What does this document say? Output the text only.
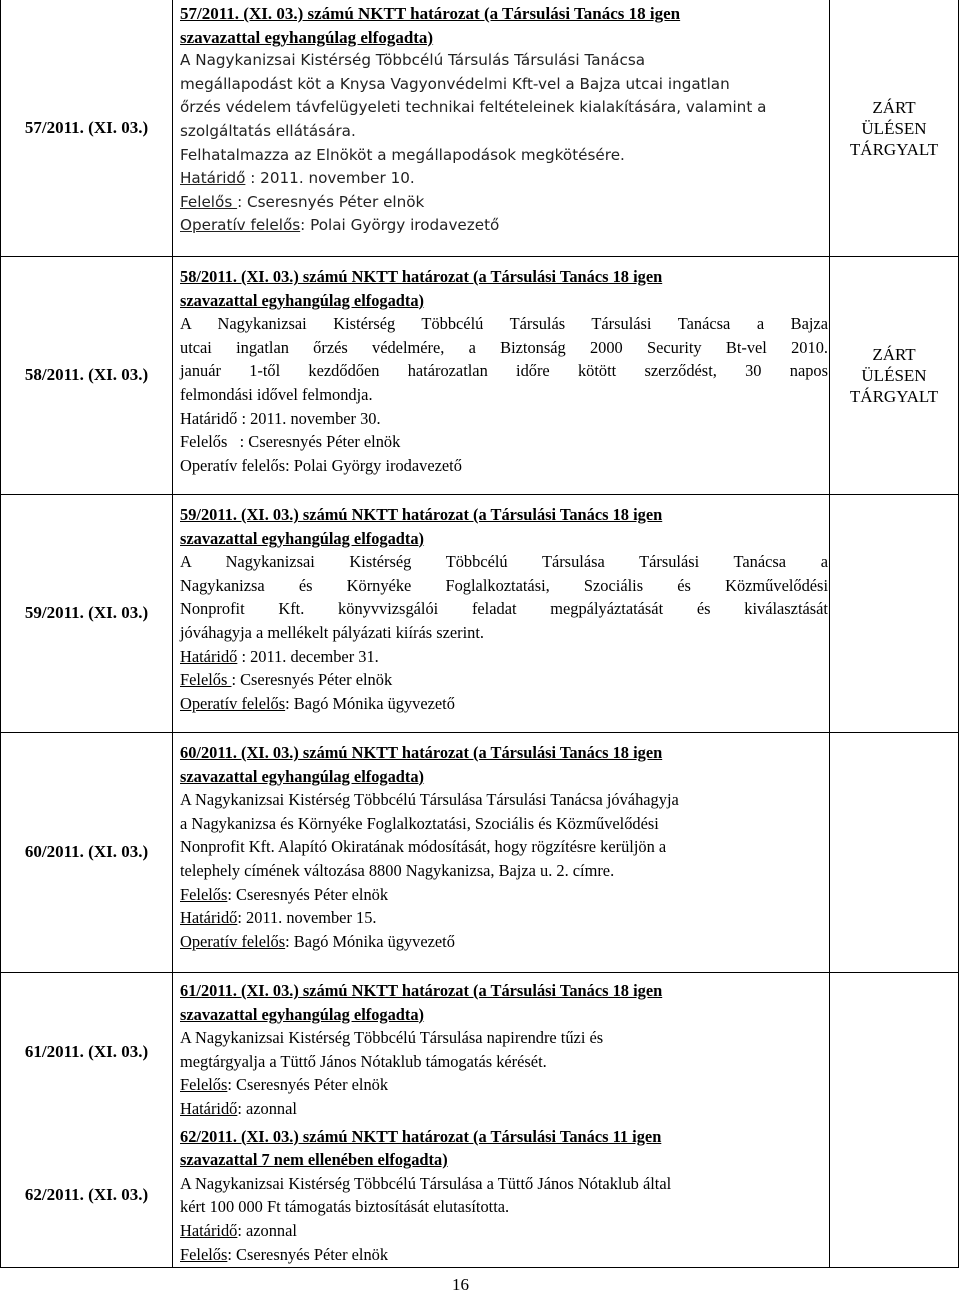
57/2011. (XI. 03.)

57/2011. (XI. 03.) számú NKTT határozat (a Társulási Tanács 18 igen

szavazattal egyhangúlag elfogadta)

A Nagykanizsai Kistérség Többcélú Társulás Társulási Tanácsa

megállapodást köt a Knysa Vagyonvédelmi Kft-vel a Bajza utcai ingatlan

őrzés védelem távfelügyeleti technikai feltételeinek kialakítására, valamint a

szolgáltatás ellátására.

Felhatalmazza az Elnököt a megállapodások megkötésére.

Határidő : 2011. november 10.

Felelős : Cseresnyés Péter elnök

Operatív felelős: Polai György irodavezető

ZÁRT ÜLÉSEN TÁRGYALT
58/2011. (XI. 03.)

58/2011. (XI. 03.) számú NKTT határozat (a Társulási Tanács 18 igen

szavazattal egyhangúlag elfogadta)

A Nagykanizsai Kistérség Többcélú Társulás Társulási Tanácsa a Bajza

utcai ingatlan őrzés védelmére, a Biztonság 2000 Security Bt-vel 2010.

január 1-től kezdődően határozatlan időre kötött szerződést, 30 napos

felmondási idővel felmondja.

Határidő : 2011. november 30.

Felelős   : Cseresnyés Péter elnök

Operatív felelős: Polai György irodavezető

ZÁRT ÜLÉSEN TÁRGYALT
59/2011. (XI. 03.)

59/2011. (XI. 03.) számú NKTT határozat (a Társulási Tanács 18 igen

szavazattal egyhangúlag elfogadta)

A Nagykanizsai Kistérség Többcélú Társulása Társulási Tanácsa a

Nagykanizsa és Környéke Foglalkoztatási, Szociális és Közművelődési

Nonprofit Kft. könyvvizsgálói feladat megpályáztatását és kiválasztását

jóváhagyja a mellékelt pályázati kiírás szerint.

Határidő : 2011. december 31.

Felelős : Cseresnyés Péter elnök

Operatív felelős: Bagó Mónika ügyvezető

60/2011. (XI. 03.)

60/2011. (XI. 03.) számú NKTT határozat (a Társulási Tanács 18 igen

szavazattal egyhangúlag elfogadta)

A Nagykanizsai Kistérség Többcélú Társulása Társulási Tanácsa jóváhagyja

a Nagykanizsa és Környéke Foglalkoztatási, Szociális és Közművelődési

Nonprofit Kft. Alapító Okiratának módosítását, hogy rögzítésre kerüljön a

telephely címének változása 8800 Nagykanizsa, Bajza u. 2. címre.

Felelős: Cseresnyés Péter elnök

Határidő: 2011. november 15.

Operatív felelős: Bagó Mónika ügyvezető

61/2011. (XI. 03.)
62/2011. (XI. 03.)

61/2011. (XI. 03.) számú NKTT határozat (a Társulási Tanács 18 igen

szavazattal egyhangúlag elfogadta)

A Nagykanizsai Kistérség Többcélú Társulása napirendre tűzi és

megtárgyalja a Tüttő János Nótaklub támogatás kérését.

Felelős: Cseresnyés Péter elnök

Határidő: azonnal

62/2011. (XI. 03.) számú NKTT határozat (a Társulási Tanács 11 igen

szavazattal 7 nem ellenében elfogadta)

A Nagykanizsai Kistérség Többcélú Társulása a Tüttő János Nótaklub által

kért 100 000 Ft támogatás biztosítását elutasította.

Határidő: azonnal

Felelős: Cseresnyés Péter elnök

16
